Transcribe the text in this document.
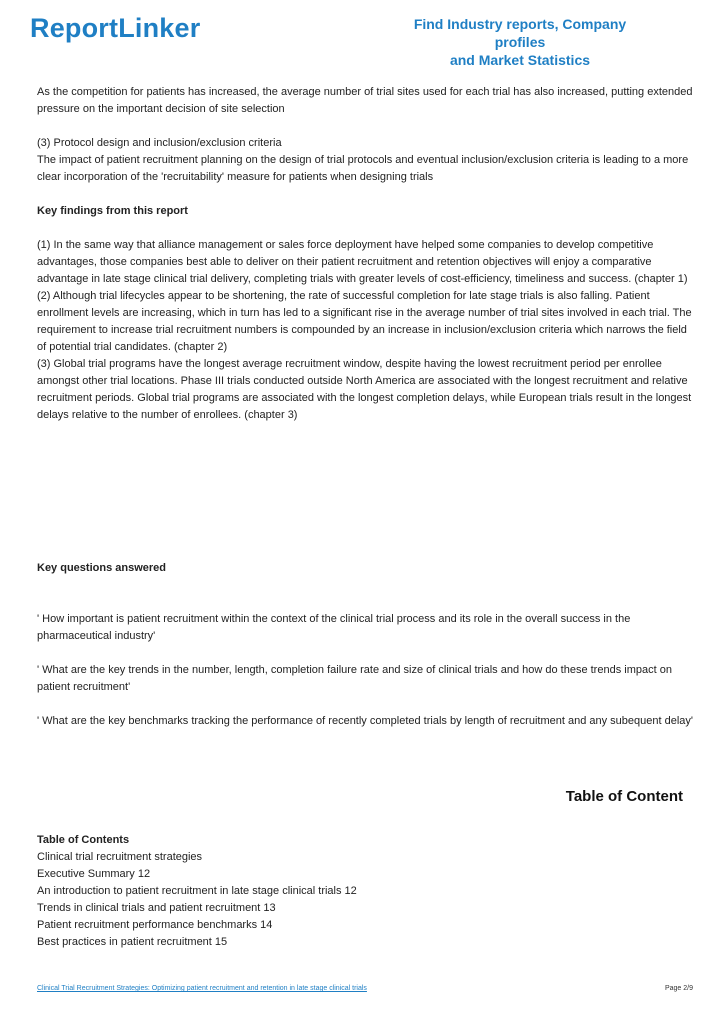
ReportLinker	Find Industry reports, Company profiles
and Market Statistics

As the competition for patients has increased, the average number of trial sites used for each trial has also increased, putting extended pressure on the important decision of site selection

(3) Protocol design and inclusion/exclusion criteria

The impact of patient recruitment planning on the design of trial protocols and eventual inclusion/exclusion criteria is leading to a more clear incorporation of the 'recruitability' measure for patients when designing trials

Key findings from this report

(1) In the same way that alliance management or sales force deployment have helped some companies to develop competitive advantages, those companies best able to deliver on their patient recruitment and retention objectives will enjoy a comparative advantage in late stage clinical trial delivery, completing trials with greater levels of cost-efficiency, timeliness and success. (chapter 1)

(2) Although trial lifecycles appear to be shortening, the rate of successful completion for late stage trials is also falling. Patient enrollment levels are increasing, which in turn has led to a significant rise in the average number of trial sites involved in each trial. The requirement to increase trial recruitment numbers is compounded by an increase in inclusion/exclusion criteria which narrows the field of potential trial candidates. (chapter 2)

(3) Global trial programs have the longest average recruitment window, despite having the lowest recruitment period per enrollee amongst other trial locations. Phase III trials conducted outside North America are associated with the longest recruitment and relative recruitment periods. Global trial programs are associated with the longest completion delays, while European trials result in the longest delays relative to the number of enrollees. (chapter 3)

Key questions answered

' How important is patient recruitment within the context of the clinical trial process and its role in the overall success in the pharmaceutical industry'

' What are the key trends in the number, length, completion failure rate and size of clinical trials and how do these trends impact on patient recruitment'

' What are the key benchmarks tracking the performance of recently completed trials by length of recruitment and any subequent delay'

Table of Content

Table of Contents

Clinical trial recruitment strategies

Executive Summary 12

An introduction to patient recruitment in late stage clinical trials 12

Trends in clinical trials and patient recruitment 13

Patient recruitment performance benchmarks 14

Best practices in patient recruitment 15

Clinical Trial Recruitment Strategies: Optimizing patient recruitment and retention in late stage clinical trials	Page 2/9
